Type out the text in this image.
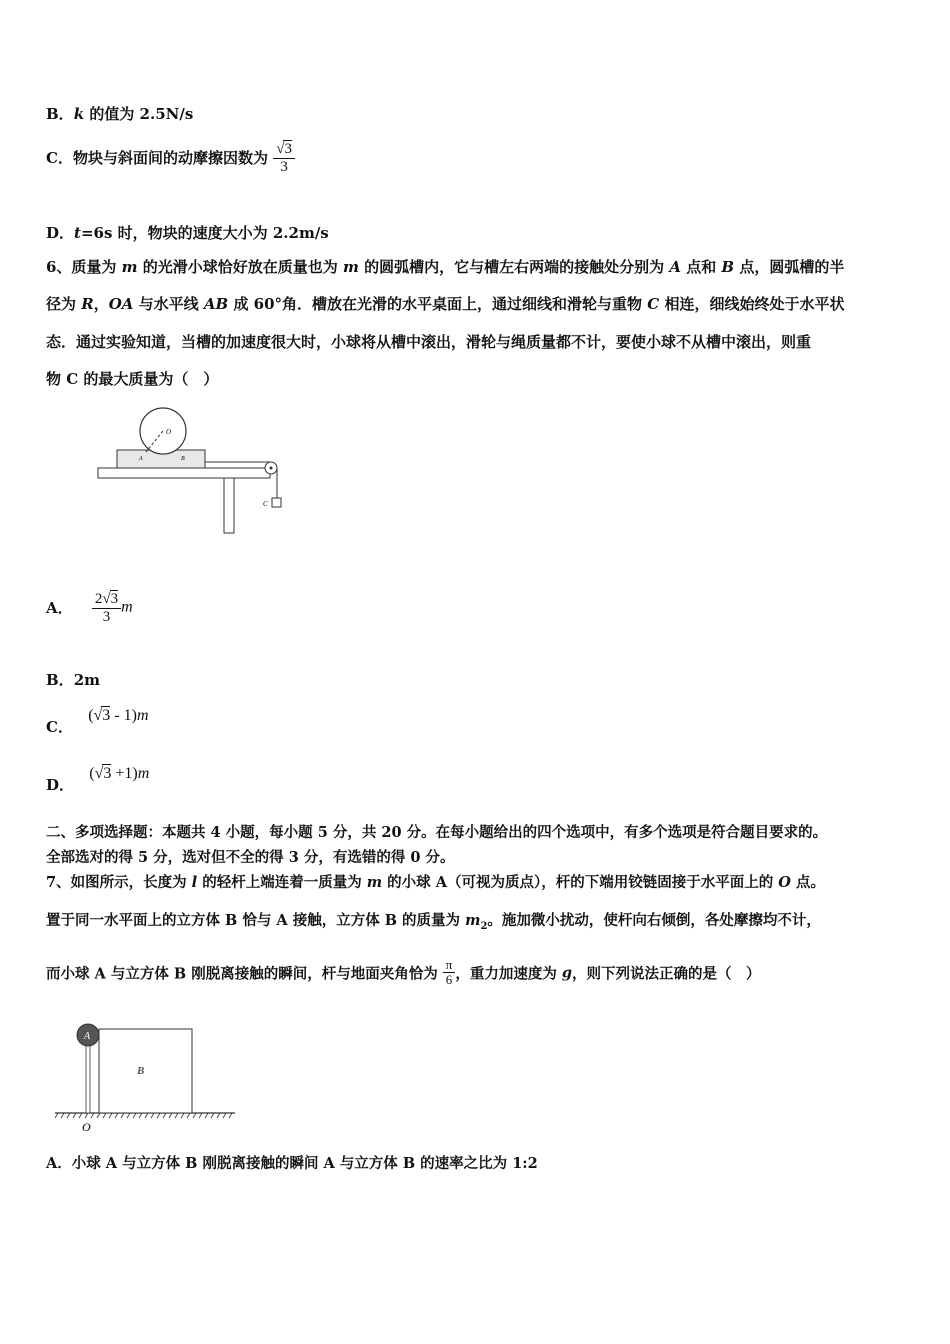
B．k 的值为 2.5N/s
C．物块与斜面间的动摩擦因数为 $\frac{√3}{3}$
D．t=6s 时，物块的速度大小为 2.2m/s
6、质量为 m 的光滑小球恰好放在质量也为 m 的圆弧槽内，它与槽左右两端的接触处分别为 A 点和 B 点，圆弧槽的半
径为 R，OA 与水平线 AB 成 60°角．槽放在光滑的水平桌面上，通过细线和滑轮与重物 C 相连，细线始终处于水平状
态．通过实验知道，当槽的加速度很大时，小球将从槽中滚出，滑轮与绳质量都不计，要使小球不从槽中滚出，则重
物 C 的最大质量为（　）
O
A	B
C
A． $\frac{2√3}{3}$ m
B．2m
C． (√3 - 1)m
D． (√3 +1)m
二、多项选择题：本题共 4 小题，每小题 5 分，共 20 分。在每小题给出的四个选项中，有多个选项是符合题目要求的。
全部选对的得 5 分，选对但不全的得 3 分，有选错的得 0 分。
7、如图所示，长度为 l 的轻杆上端连着一质量为 m 的小球 A（可视为质点），杆的下端用铰链固接于水平面上的 O 点。
置于同一水平面上的立方体 B 恰与 A 接触，立方体 B 的质量为 $m_2$。施加微小扰动，使杆向右倾倒，各处摩擦均不计，
而小球 A 与立方体 B 刚脱离接触的瞬间，杆与地面夹角恰为 $\frac{\pi}{6}$ ，重力加速度为 g，则下列说法正确的是（　）
B
A
O
A．小球 A 与立方体 B 刚脱离接触的瞬间 A 与立方体 B 的速率之比为 1:2
